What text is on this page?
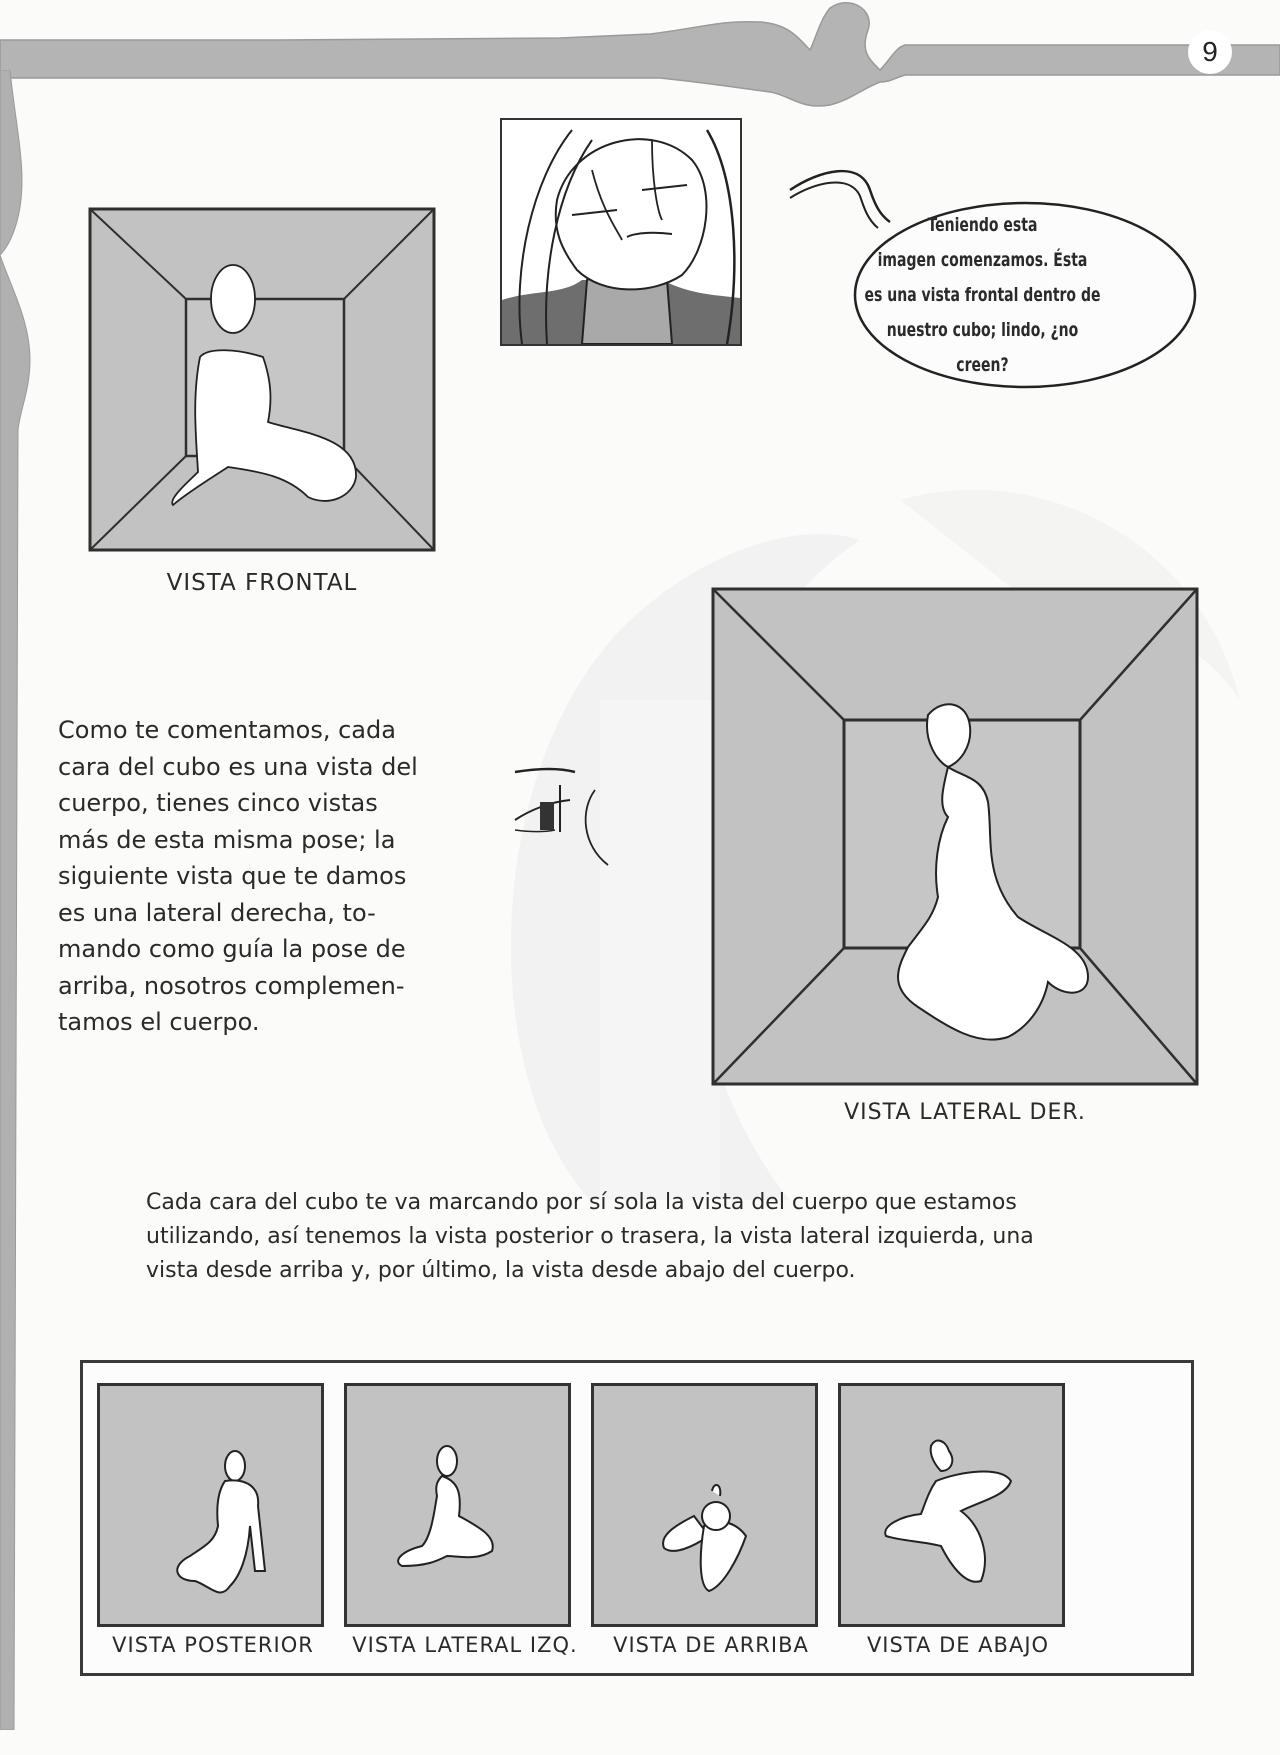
9
VISTA FRONTAL
Teniendo esta
imagen comenzamos. Ésta
es una vista frontal dentro de
nuestro cubo; lindo, ¿no
creen?
Como te comentamos, cada
cara del cubo es una vista del
cuerpo, tienes cinco vistas
más de esta misma pose; la
siguiente vista que te damos
es una lateral derecha, to-
mando como guía la pose de
arriba, nosotros complemen-
tamos el cuerpo.
VISTA LATERAL DER.
Cada cara del cubo te va marcando por sí sola la vista del cuerpo que estamos
utilizando, así tenemos la vista posterior o trasera, la vista lateral izquierda, una
vista desde arriba y, por último, la vista desde abajo del cuerpo.
VISTA POSTERIOR	VISTA LATERAL IZQ.	VISTA DE ARRIBA	VISTA DE ABAJO
